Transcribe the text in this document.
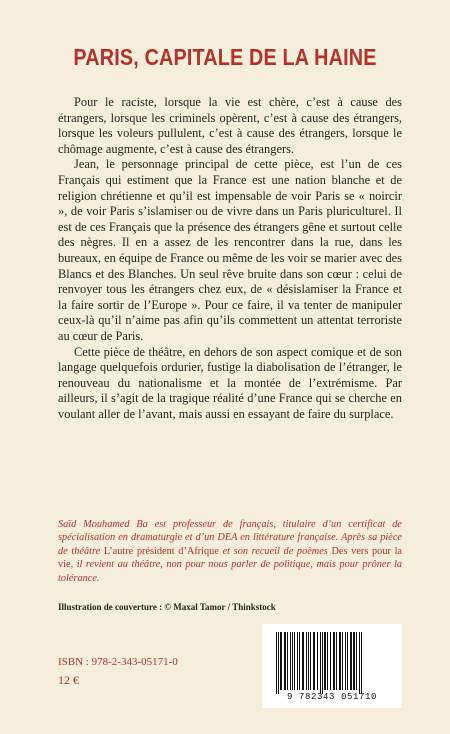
PARIS, CAPITALE DE LA HAINE

Pour le raciste, lorsque la vie est chère, c’est à cause des étrangers, lorsque les criminels opèrent, c’est à cause des étrangers, lorsque les voleurs pullulent, c’est à cause des étrangers, lorsque le chômage augmente, c’est à cause des étrangers.

Jean, le personnage principal de cette pièce, est l’un de ces Français qui estiment que la France est une nation blanche et de religion chrétienne et qu’il est impensable de voir Paris se « noircir », de voir Paris s’islamiser ou de vivre dans un Paris pluriculturel. Il est de ces Français que la présence des étrangers gêne et surtout celle des nègres. Il en a assez de les rencontrer dans la rue, dans les bureaux, en équipe de France ou même de les voir se marier avec des Blancs et des Blanches. Un seul rêve bruite dans son cœur : celui de renvoyer tous les étrangers chez eux, de « désislamiser la France et la faire sortir de l’Europe ». Pour ce faire, il va tenter de manipuler ceux-là qu’il n’aime pas afin qu’ils commettent un attentat terroriste au cœur de Paris.

Cette pièce de théâtre, en dehors de son aspect comique et de son langage quelquefois ordurier, fustige la diabolisation de l’étranger, le renouveau du nationalisme et la montée de l’extrémisme. Par ailleurs, il s’agit de la tragique réalité d’une France qui se cherche en voulant aller de l’avant, mais aussi en essayant de faire du surplace.

Saïd Mouhamed Ba est professeur de français, titulaire d’un certificat de spécialisation en dramaturgie et d’un DEA en littérature française. Après sa pièce de théâtre L’autre président d’Afrique et son recueil de poèmes Des vers pour la vie, il revient au théâtre, non pour nous parler de politique, mais pour prôner la tolérance.
Illustration de couverture : © Maxal Tamor / Thinkstock
ISBN : 978-2-343-05171-0
12 €
9 782343 051710
